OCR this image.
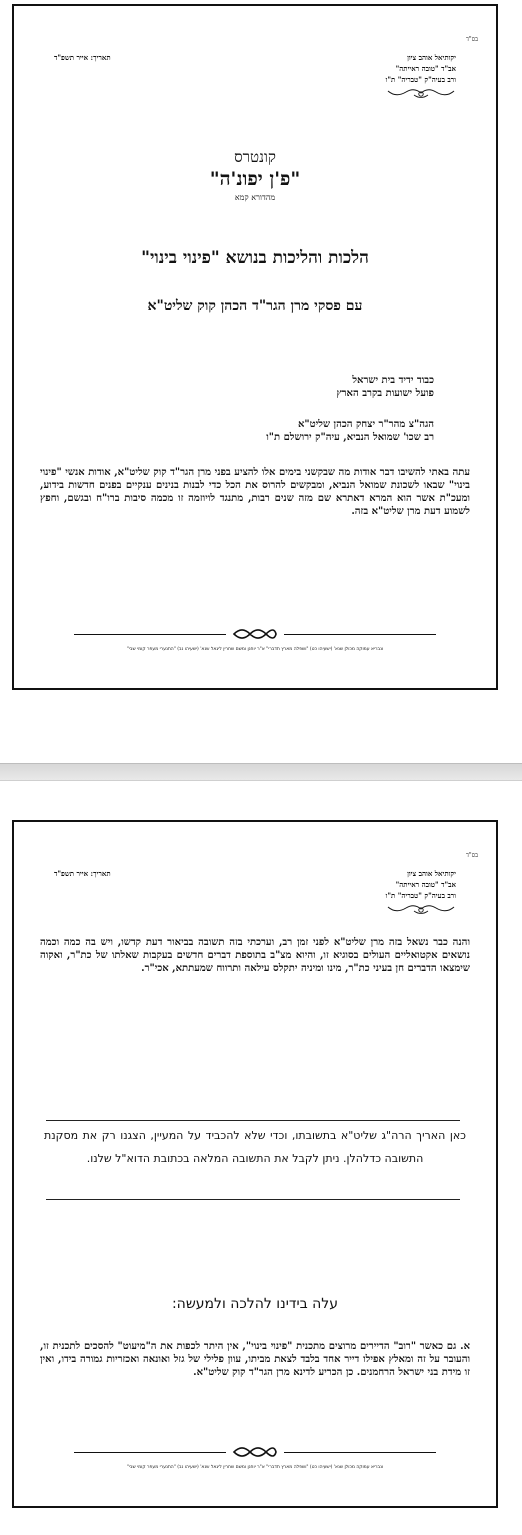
בס"ד
יקותיאל אוהב ציון
אב"ד "טובה ראייתה"
ורב בעיה"ק "טבריה" ת"ו
תאריך: אייר תשפ"ד
קונטרס
"פ'ן יפונ'ה"
מהדורא קמא
הלכות והליכות בנושא "פינוי בינוי"
עם פסקי מרן הגר"ד הכהן קוק שליט"א
כבוד ידיד בית ישראל
פועל ישועות בקרב הארץ
הגה"צ מהר"ר יצחק הכהן שליט"א
רב שכו' שמואל הנביא, עיה"ק ירושלם ת"ו
עתה באתי להשיבו דבר אודות מה שבקשני בימים אלו להציע בפני מרן הגר"ד קוק שליט"א, אודות אנשי "פינוי בינוי" שבאו לשכונת שמואל הנביא, ומבקשים להרוס את הכל כדי לבנות בנינים ענקיים בפנים חדשות בידוע, ומעכ"ת אשר הוא המרא דאתרא שם מזה שנים רבות, מתנגד לויוזמה זו מכמה סיבות ברו"ח ובגשם, וחפץ לשמוע דעת מרן שליט"א בזה.
ונבריא עמוקה מכולן שנא' (ישעיהו כט) "ושפלה מארץ תדברי" א"ר יוחנן ומשם שחרין ליגאל שנא' (ישעיהו נב) "התנערי מעפר קומי שבי"
בס"ד
יקותיאל אוהב ציון
אב"ד "טובה ראייתה"
ורב בעיה"ק "טבריה" ת"ו
תאריך: אייר תשפ"ד
והנה כבר נשאל בזה מרן שליט"א לפני זמן רב, וערכתי בזה תשובה בביאור דעת קדשו, ויש בה כמה וכמה נושאים אקטואליים העולים בסוגיא זו, והיוא מצ"ב בתוספת דברים חדשים בעקבות שאלתו של כת"ר, ואקוה שימצאו הדברים חן בעיני כת"ר, מינו ומיניה יתקלס עילאה ותרווח שמעתתא, אכי"ר.
כאן האריך הרה"ג שליט"א בתשובתו, וכדי שלא להכביד על המעיין, הצגנו רק את מסקנת התשובה כדלהלן. ניתן לקבל את התשובה המלאה בכתובת הדוא"ל שלנו.
עלה בידינו להלכה ולמעשה:
א. גם כאשר "רוב" הדיירים מרוצים מתכנית "פינוי בינוי", אין היתר לכפות את ה"מיעוט" להסכים לתכנית זו, והעובר על זה ומאלץ אפילו דייר אחד בלבד לצאת מביתו, עוון פלילי של גזל ואונאה ואכזריות גמורה בידו, ואין זו מידת בני ישראל הרחמנים. כן הכריע לדינא מרן הגר"ד קוק שליט"א.
ונבריא עמוקה מכולן שנא' (ישעיהו כט) "ושפלה מארץ תדברי" א"ר יוחנן ומשם שחרין ליגאל שנא' (ישעיהו נב) "התנערי מעפר קומי שבי"
